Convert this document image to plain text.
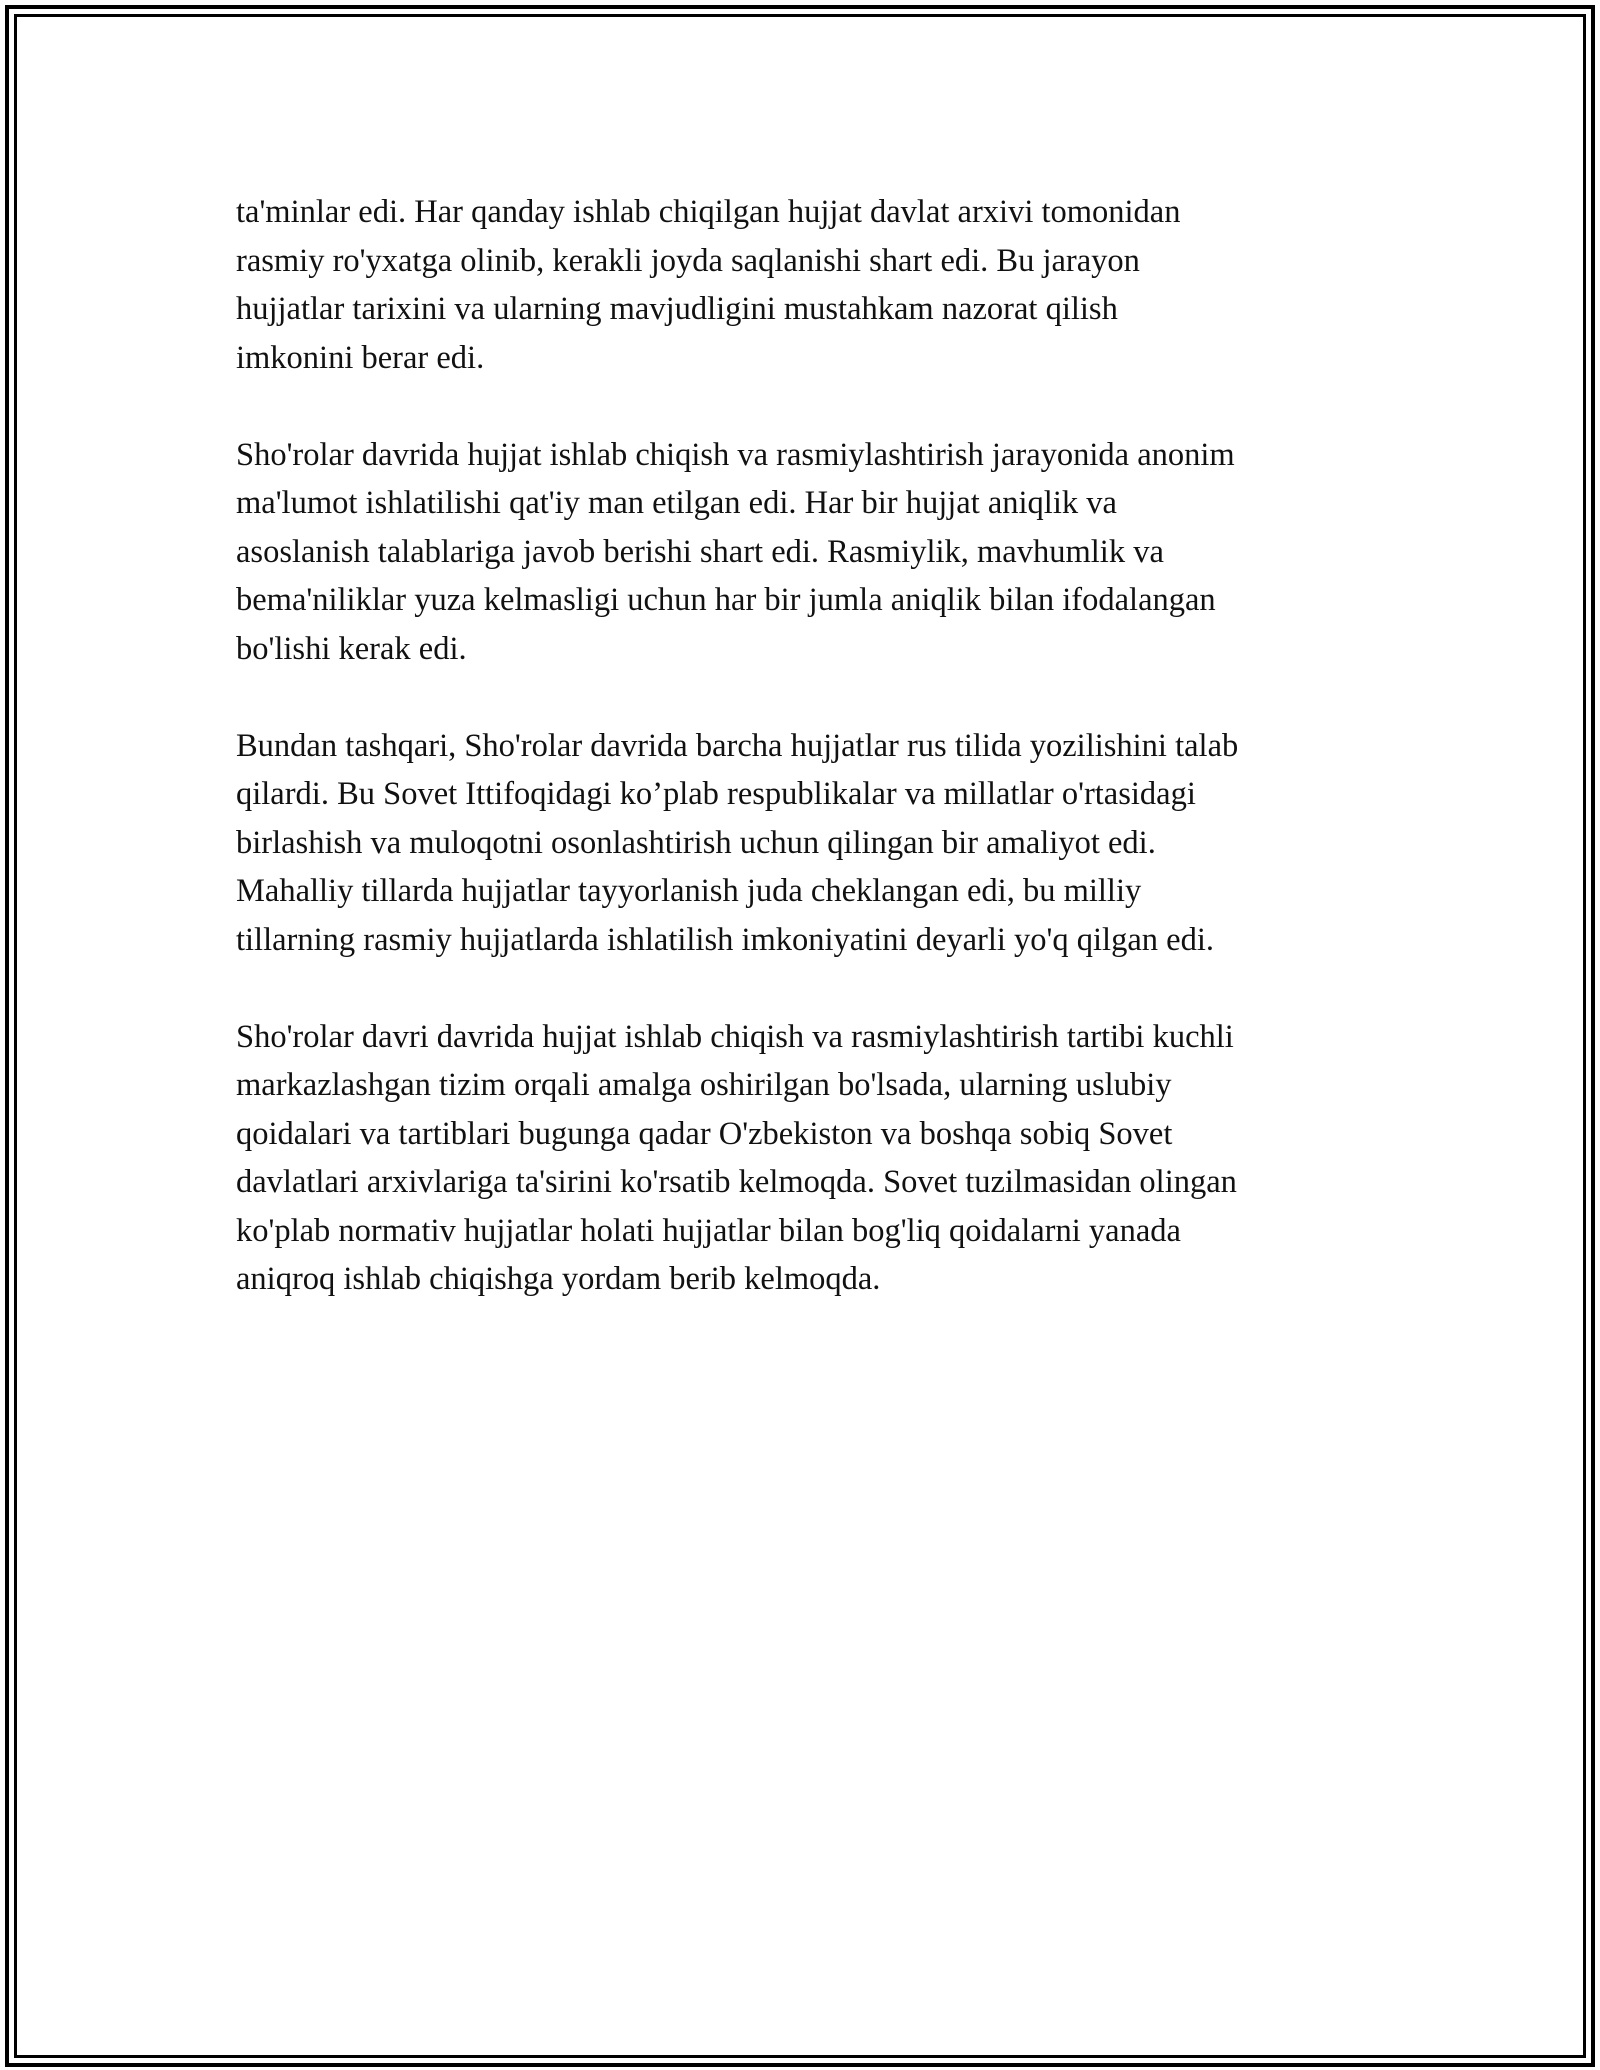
ta'minlar edi. Har qanday ishlab chiqilgan hujjat davlat arxivi tomonidan
rasmiy ro'yxatga olinib, kerakli joyda saqlanishi shart edi. Bu jarayon
hujjatlar tarixini va ularning mavjudligini mustahkam nazorat qilish
imkonini berar edi.
Sho'rolar davrida hujjat ishlab chiqish va rasmiylashtirish jarayonida anonim
ma'lumot ishlatilishi qat'iy man etilgan edi. Har bir hujjat aniqlik va
asoslanish talablariga javob berishi shart edi. Rasmiylik, mavhumlik va
bema'niliklar yuza kelmasligi uchun har bir jumla aniqlik bilan ifodalangan
bo'lishi kerak edi.
Bundan tashqari, Sho'rolar davrida barcha hujjatlar rus tilida yozilishini talab
qilardi. Bu Sovet Ittifoqidagi ko’plab respublikalar va millatlar o'rtasidagi
birlashish va muloqotni osonlashtirish uchun qilingan bir amaliyot edi.
Mahalliy tillarda hujjatlar tayyorlanish juda cheklangan edi, bu milliy
tillarning rasmiy hujjatlarda ishlatilish imkoniyatini deyarli yo'q qilgan edi.
Sho'rolar davri davrida hujjat ishlab chiqish va rasmiylashtirish tartibi kuchli
markazlashgan tizim orqali amalga oshirilgan bo'lsada, ularning uslubiy
qoidalari va tartiblari bugunga qadar O'zbekiston va boshqa sobiq Sovet
davlatlari arxivlariga ta'sirini ko'rsatib kelmoqda. Sovet tuzilmasidan olingan
ko'plab normativ hujjatlar holati hujjatlar bilan bog'liq qoidalarni yanada
aniqroq ishlab chiqishga yordam berib kelmoqda.
